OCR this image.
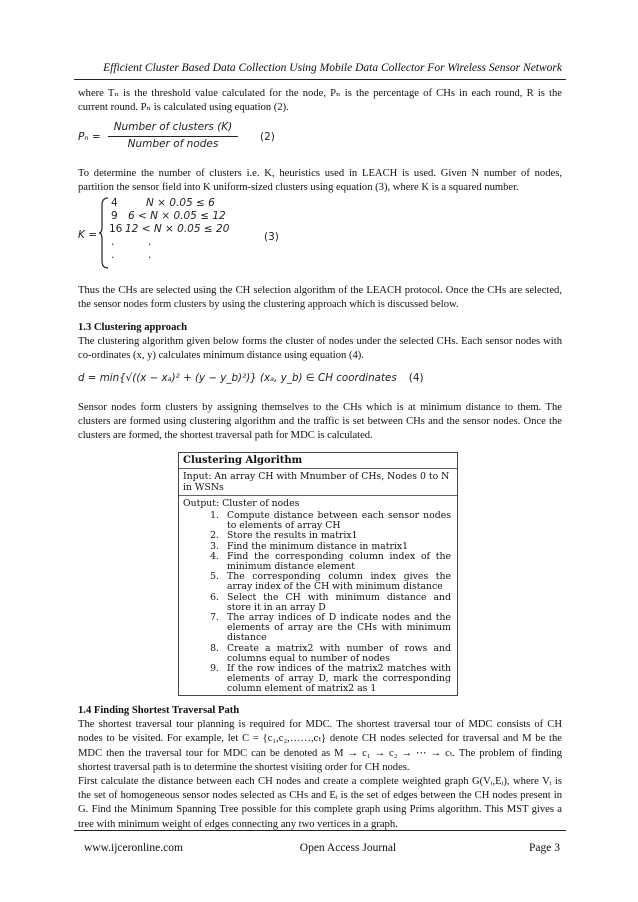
Efficient Cluster Based Data Collection Using Mobile Data Collector For Wireless Sensor Network
where Tₙ is the threshold value calculated for the node, Pₙ is the percentage of CHs in each round, R is the current round. Pₙ is calculated using equation (2).
Pₙ =
Number of clusters (K)
Number of nodes
(2)
To determine the number of clusters i.e. K, heuristics used in LEACH is used. Given N number of nodes, partition the sensor field into K uniform-sized clusters using equation (3), where K is a squared number.
K =
4	N × 0.05 ≤ 6
9 6 < N × 0.05 ≤ 12
16 12 < N × 0.05 ≤ 20
.	.
.	.
(3)
Thus the CHs are selected using the CH selection algorithm of the LEACH protocol. Once the CHs are selected, the sensor nodes form clusters by using the clustering approach which is discussed below.
1.3 Clustering approach
The clustering algorithm given below forms the cluster of nodes under the selected CHs. Each sensor nodes with co-ordinates (x, y) calculates minimum distance using equation (4).
d = min{√((x − xₐ)² + (y − y_b)²)} (xₐ, y_b) ∈ CH coordinates (4)
Sensor nodes form clusters by assigning themselves to the CHs which is at minimum distance to them. The clusters are formed using clustering algorithm and the traffic is set between CHs and the sensor nodes. Once the clusters are formed, the shortest traversal path for MDC is calculated.
Clustering Algorithm
Input: An array CH with Mnumber of CHs, Nodes 0 to N in WSNs
Output: Cluster of nodes
1. Compute distance between each sensor nodes to elements of array CH
2. Store the results in matrix1
3. Find the minimum distance in matrix1
4. Find the corresponding column index of the minimum distance element
5. The corresponding column index gives the array index of the CH with minimum distance
6. Select the CH with minimum distance and store it in an array D
7. The array indices of D indicate nodes and the elements of array are the CHs with minimum distance
8. Create a matrix2 with number of rows and columns equal to number of nodes
9. If the row indices of the matrix2 matches with elements of array D, mark the corresponding column element of matrix2 as 1
1.4 Finding Shortest Traversal Path
The shortest traversal tour planning is required for MDC. The shortest traversal tour of MDC consists of CH nodes to be visited. For example, let C = {c₁,c₂,……,cₜ} denote CH nodes selected for traversal and M be the MDC then the traversal tour for MDC can be denoted as M → c₁ → c₂ → ⋯ → cₜ. The problem of finding shortest traversal path is to determine the shortest visiting order for CH nodes.
First calculate the distance between each CH nodes and create a complete weighted graph G(Vᵢ,Eᵢ), where Vᵢ is the set of homogeneous sensor nodes selected as CHs and Eᵢ is the set of edges between the CH nodes present in G. Find the Minimum Spanning Tree possible for this complete graph using Prims algorithm. This MST gives a tree with minimum weight of edges connecting any two vertices in a graph.
www.ijceronline.com	Open Access Journal	Page 3
